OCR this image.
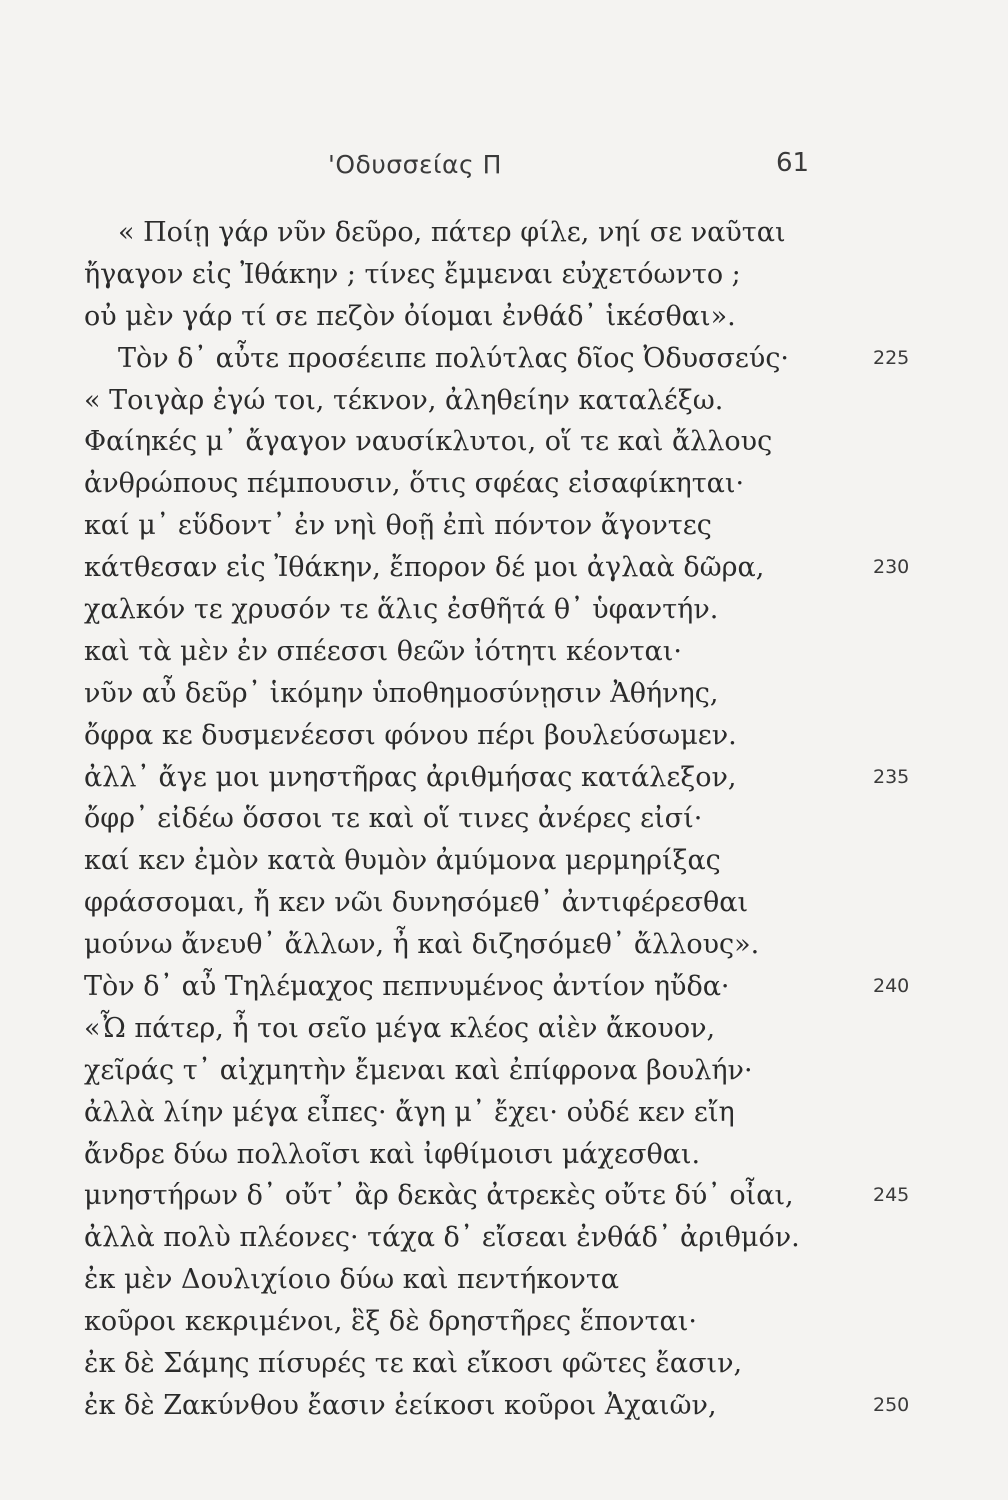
'Οδυσσείας Π	61
« Ποίῃ γάρ νῦν δεῦρο, πάτερ φίλε, νηί σε ναῦται
ἤγαγον εἰς Ἰθάκην ; τίνες ἔμμεναι εὐχετόωντο ;
οὐ μὲν γάρ τί σε πεζὸν ὀίομαι ἐνθάδ᾽ ἱκέσθαι».
Τὸν δ᾽ αὖτε προσέειπε πολύτλας δῖος Ὀδυσσεύς·	225
« Τοιγὰρ ἐγώ τοι, τέκνον, ἀληθείην καταλέξω.
Φαίηκές μ᾽ ἄγαγον ναυσίκλυτοι, οἵ τε καὶ ἄλλους
ἀνθρώπους πέμπουσιν, ὅτις σφέας εἰσαφίκηται·
καί μ᾽ εὕδοντ᾽ ἐν νηὶ θοῇ ἐπὶ πόντον ἄγοντες
κάτθεσαν εἰς Ἰθάκην, ἔπορον δέ μοι ἀγλαὰ δῶρα,	230
χαλκόν τε χρυσόν τε ἅλις ἐσθῆτά θ᾽ ὑφαντήν.
καὶ τὰ μὲν ἐν σπέεσσι θεῶν ἰότητι κέονται·
νῦν αὖ δεῦρ᾽ ἱκόμην ὑποθημοσύνῃσιν Ἀθήνης,
ὄφρα κε δυσμενέεσσι φόνου πέρι βουλεύσωμεν.
ἀλλ᾽ ἄγε μοι μνηστῆρας ἀριθμήσας κατάλεξον,	235
ὄφρ᾽ εἰδέω ὅσσοι τε καὶ οἵ τινες ἀνέρες εἰσί·
καί κεν ἐμὸν κατὰ θυμὸν ἀμύμονα μερμηρίξας
φράσσομαι, ἤ κεν νῶι δυνησόμεθ᾽ ἀντιφέρεσθαι
μούνω ἄνευθ᾽ ἄλλων, ἦ καὶ διζησόμεθ᾽ ἄλλους».
Τὸν δ᾽ αὖ Τηλέμαχος πεπνυμένος ἀντίον ηὔδα·	240
«Ὦ πάτερ, ἦ τοι σεῖο μέγα κλέος αἰὲν ἄκουον,
χεῖράς τ᾽ αἰχμητὴν ἔμεναι καὶ ἐπίφρονα βουλήν·
ἀλλὰ λίην μέγα εἶπες· ἄγη μ᾽ ἔχει· οὐδέ κεν εἴη
ἄνδρε δύω πολλοῖσι καὶ ἰφθίμοισι μάχεσθαι.
μνηστήρων δ᾽ οὔτ᾽ ἂρ δεκὰς ἀτρεκὲς οὔτε δύ᾽ οἶαι,	245
ἀλλὰ πολὺ πλέονες· τάχα δ᾽ εἴσεαι ἐνθάδ᾽ ἀριθμόν.
ἐκ μὲν Δουλιχίοιο δύω καὶ πεντήκοντα
κοῦροι κεκριμένοι, ἓξ δὲ δρηστῆρες ἕπονται·
ἐκ δὲ Σάμης πίσυρές τε καὶ εἴκοσι φῶτες ἔασιν,
ἐκ δὲ Ζακύνθου ἔασιν ἐείκοσι κοῦροι Ἀχαιῶν,	250
